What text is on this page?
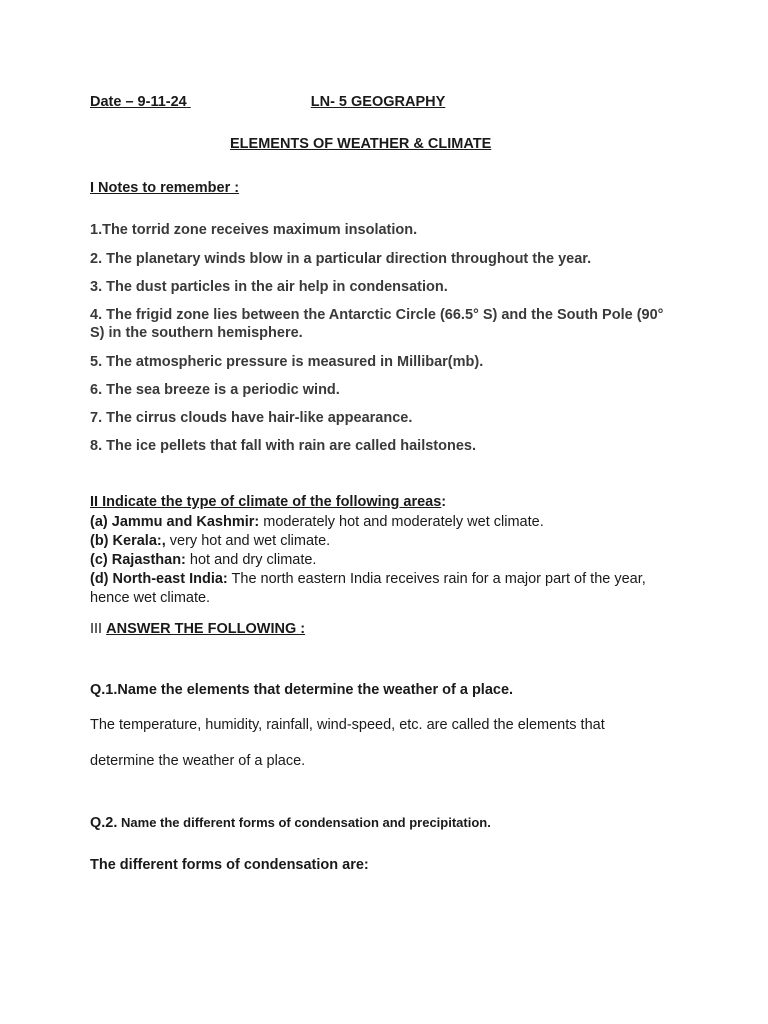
Date – 9-11-24	LN- 5 GEOGRAPHY
ELEMENTS OF WEATHER & CLIMATE
I Notes to remember :
1.The torrid zone receives maximum insolation.
2. The planetary winds blow in a particular direction throughout the year.
3. The dust particles in the air help in condensation.
4. The frigid zone lies between the Antarctic Circle (66.5° S) and the South Pole (90° S) in the southern hemisphere.
5. The atmospheric pressure is measured in Millibar(mb).
6. The sea breeze is a periodic wind.
7. The cirrus clouds have hair-like appearance.
8. The ice pellets that fall with rain are called hailstones.
II Indicate the type of climate of the following areas:
(a) Jammu and Kashmir: moderately hot and moderately wet climate.
(b) Kerala:, very hot and wet climate.
(c) Rajasthan: hot and dry climate.
(d) North-east India: The north eastern India receives rain for a major part of the year, hence wet climate.
III ANSWER THE FOLLOWING :
Q.1.Name the elements that determine the weather of a place.
The temperature, humidity, rainfall, wind-speed, etc. are called the elements that
determine the weather of a place.
Q.2. Name the different forms of condensation and precipitation.
The different forms of condensation are:
